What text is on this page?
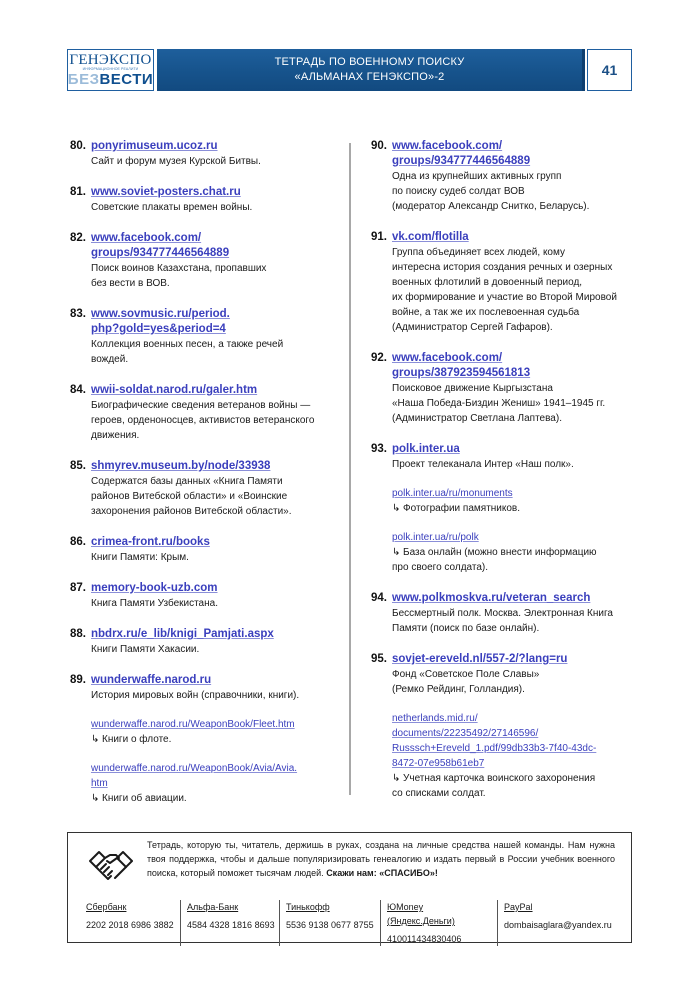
ГЕНЭКСПО
ИНФОРМАЦИОННОЕ РЕАЛИТИ
БЕЗВЕСТИ
ТЕТРАДЬ ПО ВОЕННОМУ ПОИСКУ
«АЛЬМАНАХ ГЕНЭКСПО»-2	41
80. ponyrimuseum.ucoz.ru
Сайт и форум музея Курской Битвы.
81. www.soviet-posters.chat.ru
Советские плакаты времен войны.
82. www.facebook.com/
groups/934777446564889
Поиск воинов Казахстана, пропавших
без вести в ВОВ.
83. www.sovmusic.ru/period.
php?gold=yes&period=4
Коллекция военных песен, а также речей
вождей.
84. wwii-soldat.narod.ru/galer.htm
Биографические сведения ветеранов войны —
героев, орденоносцев, активистов ветеранского
движения.
85. shmyrev.museum.by/node/33938
Содержатся базы данных «Книга Памяти
районов Витебской области» и «Воинские
захоронения районов Витебской области».
86. crimea-front.ru/books
Книги Памяти: Крым.
87. memory-book-uzb.com
Книга Памяти Узбекистана.
88. nbdrx.ru/e_lib/knigi_Pamjati.aspx
Книги Памяти Хакасии.
89. wunderwaffe.narod.ru
История мировых войн (справочники, книги).
wunderwaffe.narod.ru/WeaponBook/Fleet.htm
↳ Книги о флоте.
wunderwaffe.narod.ru/WeaponBook/Avia/Avia.
htm
↳ Книги об авиации.
90. www.facebook.com/
groups/934777446564889
Одна из крупнейших активных групп
по поиску судеб солдат ВОВ
(модератор Александр Снитко, Беларусь).
91. vk.com/flotilla
Группа объединяет всех людей, кому
интересна история создания речных и озерных
военных флотилий в довоенный период,
их формирование и участие во Второй Мировой
войне, а так же их послевоенная судьба
(Администратор Сергей Гафаров).
92. www.facebook.com/
groups/387923594561813
Поисковое движение Кыргызстана
«Наша Победа-Биздин Жениш» 1941–1945 гг.
(Администратор Светлана Лаптева).
93. polk.inter.ua
Проект телеканала Интер «Наш полк».
polk.inter.ua/ru/monuments
↳ Фотографии памятников.
polk.inter.ua/ru/polk
↳ База онлайн (можно внести информацию
про своего солдата).
94. www.polkmoskva.ru/veteran_search
Бессмертный полк. Москва. Электронная Книга
Памяти (поиск по базе онлайн).
95. sovjet-ereveld.nl/557-2/?lang=ru
Фонд «Советское Поле Славы»
(Ремко Рейдинг, Голландия).
netherlands.mid.ru/
documents/22235492/27146596/
Russsch+Ereveld_1.pdf/99db33b3-7f40-43dc-
8472-07e958b61eb7
↳ Учетная карточка воинского захоронения
со списками солдат.
Тетрадь, которую ты, читатель, держишь в руках, создана на личные средства нашей команды. Нам нужна твоя поддержка, чтобы и дальше популяризировать генеалогию и издать первый в России учебник военного поиска, который поможет тысячам людей. Скажи нам: «СПАСИБО»!
Сбербанк
2202 2018 6986 3882
Альфа-Банк
4584 4328 1816 8693
Тинькофф
5536 9138 0677 8755
ЮMoney (Яндекс.Деньги)
410011434830406
PayPal
dombaisaglara@yandex.ru
